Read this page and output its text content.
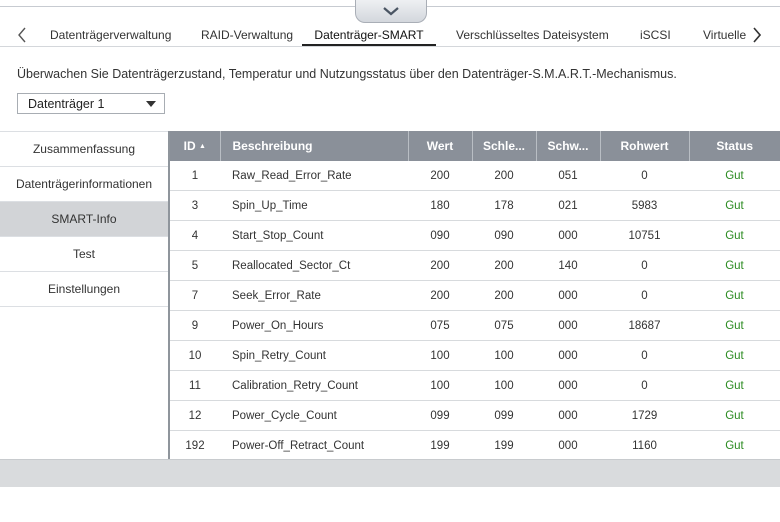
Datenträgerverwaltung RAID-Verwaltung	Datenträger-SMART	Verschlüsseltes Dateisystem	iSCSI	Virtuelle
Überwachen Sie Datenträgerzustand, Temperatur und Nutzungsstatus über den Datenträger-S.M.A.R.T.-Mechanismus.
Datenträger 1
Zusammenfassung
Datenträgerinformationen
SMART-Info
Test
Einstellungen
ID ▲	Beschreibung	Wert	Schle...	Schw...	Rohwert	Status
1	Raw_Read_Error_Rate	200	200	051	0	Gut
3	Spin_Up_Time	180	178	021	5983	Gut
4	Start_Stop_Count	090	090	000	10751	Gut
5	Reallocated_Sector_Ct	200	200	140	0	Gut
7	Seek_Error_Rate	200	200	000	0	Gut
9	Power_On_Hours	075	075	000	18687	Gut
10	Spin_Retry_Count	100	100	000	0	Gut
11	Calibration_Retry_Count	100	100	000	0	Gut
12	Power_Cycle_Count	099	099	000	1729	Gut
192	Power-Off_Retract_Count	199	199	000	1160	Gut
